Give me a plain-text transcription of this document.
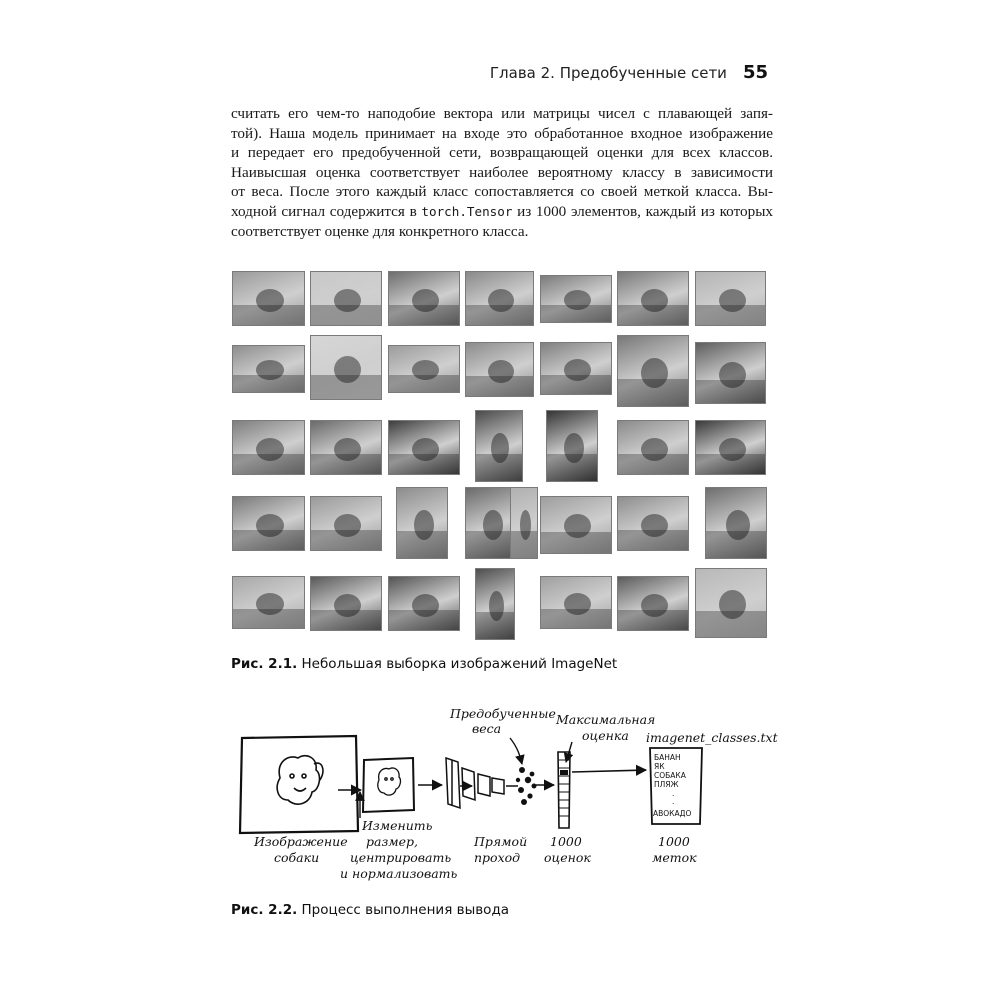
Глава 2. Предобученные сети 55
считать его чем-то наподобие вектора или матрицы чисел с плавающей запя-
той). Наша модель принимает на входе это обработанное входное изображение
и передает его предобученной сети, возвращающей оценки для всех классов.
Наивысшая оценка соответствует наиболее вероятному классу в зависимости
от веса. После этого каждый класс сопоставляется со своей меткой класса. Вы-
ходной сигнал содержится в torch.Tensor из 1000 элементов, каждый из которых
соответствует оценке для конкретного класса.
Рис. 2.1. Небольшая выборка изображений ImageNet
БАНАН
ЯК
СОБАКА
ПЛЯЖ
.
.
АВОКАДО
Предобученные
веса
Максимальная
оценка imagenet_classes.txt
Изображение
собаки
Изменить
размер,
центрировать
и нормализовать
Прямой
проход
1000
оценок
1000
меток
Рис. 2.2. Процесс выполнения вывода
